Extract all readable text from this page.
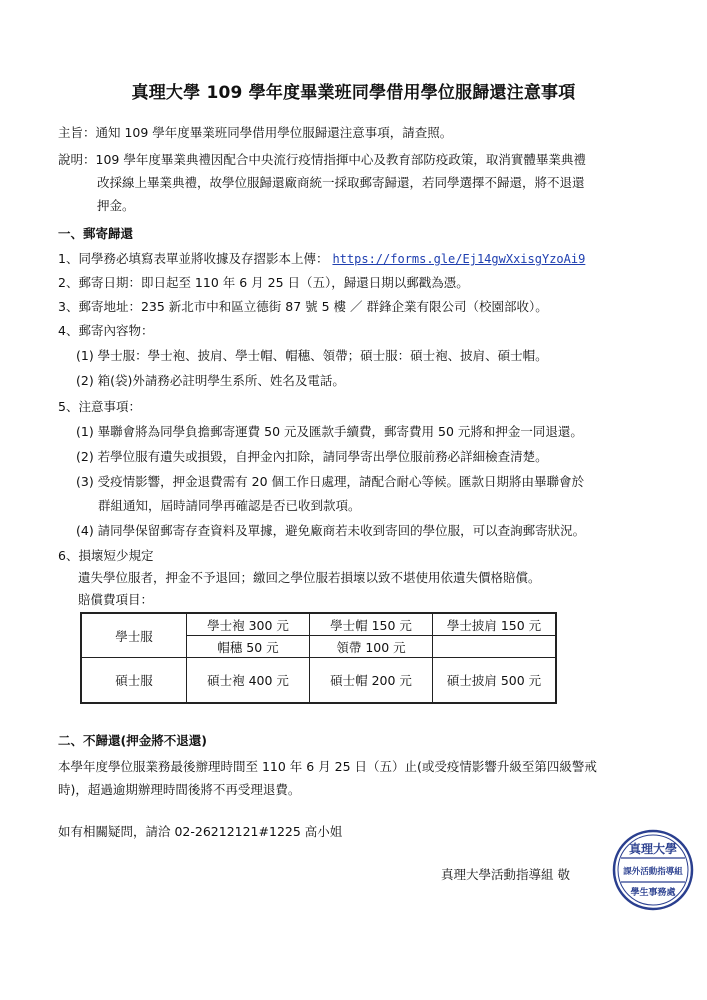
真理大學 109 學年度畢業班同學借用學位服歸還注意事項
主旨：通知 109 學年度畢業班同學借用學位服歸還注意事項，請查照。
說明：109 學年度畢業典禮因配合中央流行疫情指揮中心及教育部防疫政策，取消實體畢業典禮
改採線上畢業典禮，故學位服歸還廠商統一採取郵寄歸還，若同學選擇不歸還，將不退還
押金。
一、郵寄歸還
1、同學務必填寫表單並將收據及存摺影本上傳： https://forms.gle/Ej14gwXxisgYzoAi9
2、郵寄日期：即日起至 110 年 6 月 25 日（五），歸還日期以郵戳為憑。
3、郵寄地址：235 新北市中和區立德街 87 號 5 樓 ／ 群鋒企業有限公司（校園部收）。
4、郵寄內容物：
(1) 學士服：學士袍、披肩、學士帽、帽穗、領帶；碩士服：碩士袍、披肩、碩士帽。
(2) 箱(袋)外請務必註明學生系所、姓名及電話。
5、注意事項：
(1) 畢聯會將為同學負擔郵寄運費 50 元及匯款手續費，郵寄費用 50 元將和押金一同退還。
(2) 若學位服有遺失或損毀，自押金內扣除，請同學寄出學位服前務必詳細檢查清楚。
(3) 受疫情影響，押金退費需有 20 個工作日處理，請配合耐心等候。匯款日期將由畢聯會於
群組通知，屆時請同學再確認是否已收到款項。
(4) 請同學保留郵寄存查資料及單據，避免廠商若未收到寄回的學位服，可以查詢郵寄狀況。
6、損壞短少規定
遺失學位服者，押金不予退回；繳回之學位服若損壞以致不堪使用依遺失價格賠償。
賠償費項目：
學士服	學士袍 300 元	學士帽 150 元	學士披肩 150 元
	帽穗 50 元	領帶 100 元	
碩士服	碩士袍 400 元	碩士帽 200 元	碩士披肩 500 元
二、不歸還(押金將不退還)
本學年度學位服業務最後辦理時間至 110 年 6 月 25 日（五）止(或受疫情影響升級至第四級警戒
時)，超過逾期辦理時間後將不再受理退費。
如有相關疑問，請洽 02-26212121#1225 高小姐
真理大學活動指導組 敬
真理大學
課外活動指導組
學生事務處
